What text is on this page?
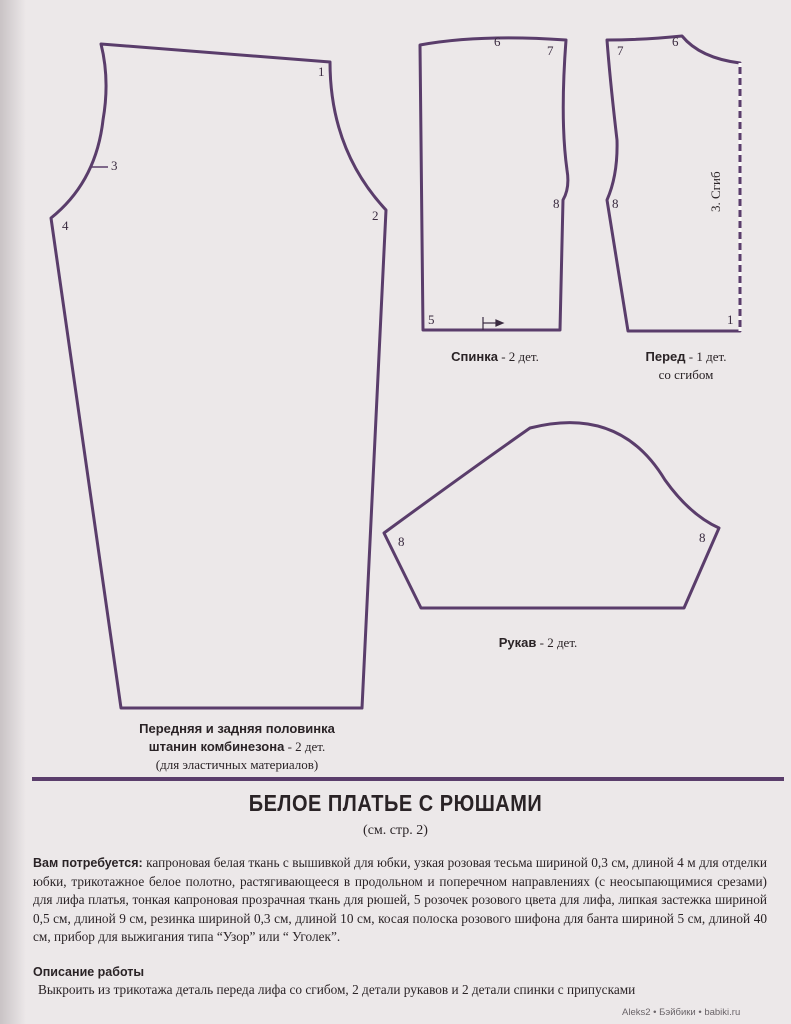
1
2
3
4
6
7
8
5
7
6
8
1
3. Сгиб
8	8
Передняя и задняя половинка
штанин комбинезона - 2 дет.
(для эластичных материалов)
Спинка - 2 дет.	Перед - 1 дет.
со сгибом
Рукав - 2 дет.
БЕЛОЕ ПЛАТЬЕ С РЮШАМИ
(см. стр. 2)
Вам потребуется: капроновая белая ткань с вышивкой для юбки, узкая розовая тесьма шириной 0,3 см, длиной 4 м для отделки юбки, трикотажное белое полотно, растягивающееся в продольном и поперечном направлениях (с неосыпающимися срезами) для лифа платья, тонкая капроновая прозрачная ткань для рюшей, 5 розочек розового цвета для лифа, липкая застежка шириной 0,5 см, длиной 9 см, резинка шириной 0,3 см, длиной 10 см, косая полоска розового шифона для банта шириной 5 см, длиной 40 см, прибор для выжигания типа “Узор” или “ Уголек”.
Описание работы
Выкроить из трикотажа деталь переда лифа со сгибом, 2 детали рукавов и 2 детали спинки с припусками
Aleks2 • Бэйбики • babiki.ru
